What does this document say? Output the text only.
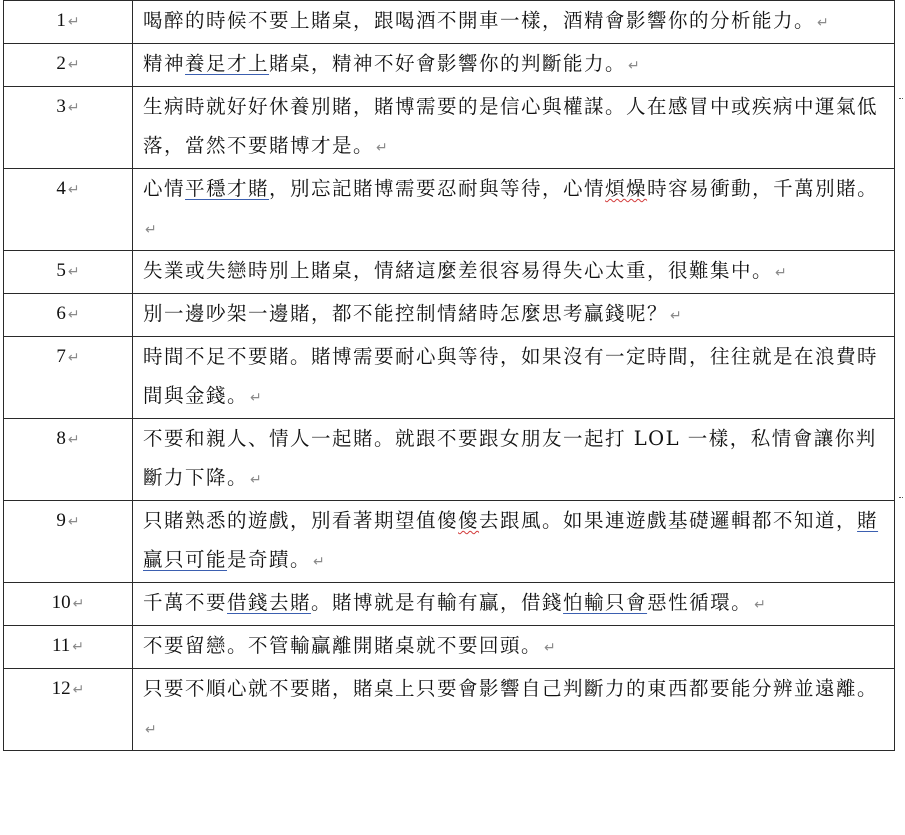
1 ↵	喝醉的時候不要上賭桌，跟喝酒不開車一樣，酒精會影響你的分析能力。 ↵
2 ↵	精神養足才上賭桌，精神不好會影響你的判斷能力。 ↵
3 ↵	生病時就好好休養別賭，賭博需要的是信心與權謀。人在感冒中或疾病中運氣低落，當然不要賭博才是。 ↵
4 ↵	心情平穩才賭，別忘記賭博需要忍耐與等待，心情煩燥時容易衝動，千萬別賭。↵
5 ↵	失業或失戀時別上賭桌，情緒這麼差很容易得失心太重，很難集中。 ↵
6 ↵	別一邊吵架一邊賭，都不能控制情緒時怎麼思考贏錢呢？ ↵
7 ↵	時間不足不要賭。賭博需要耐心與等待，如果沒有一定時間，往往就是在浪費時間與金錢。 ↵
8 ↵	不要和親人、情人一起賭。就跟不要跟女朋友一起打 LOL 一樣，私情會讓你判斷力下降。 ↵
9 ↵	只賭熟悉的遊戲，別看著期望值傻傻去跟風。如果連遊戲基礎邏輯都不知道，賭贏只可能是奇蹟。 ↵
10 ↵	千萬不要借錢去賭。賭博就是有輸有贏，借錢怕輸只會惡性循環。 ↵
11 ↵	不要留戀。不管輸贏離開賭桌就不要回頭。 ↵
12 ↵	只要不順心就不要賭，賭桌上只要會影響自己判斷力的東西都要能分辨並遠離。↵
